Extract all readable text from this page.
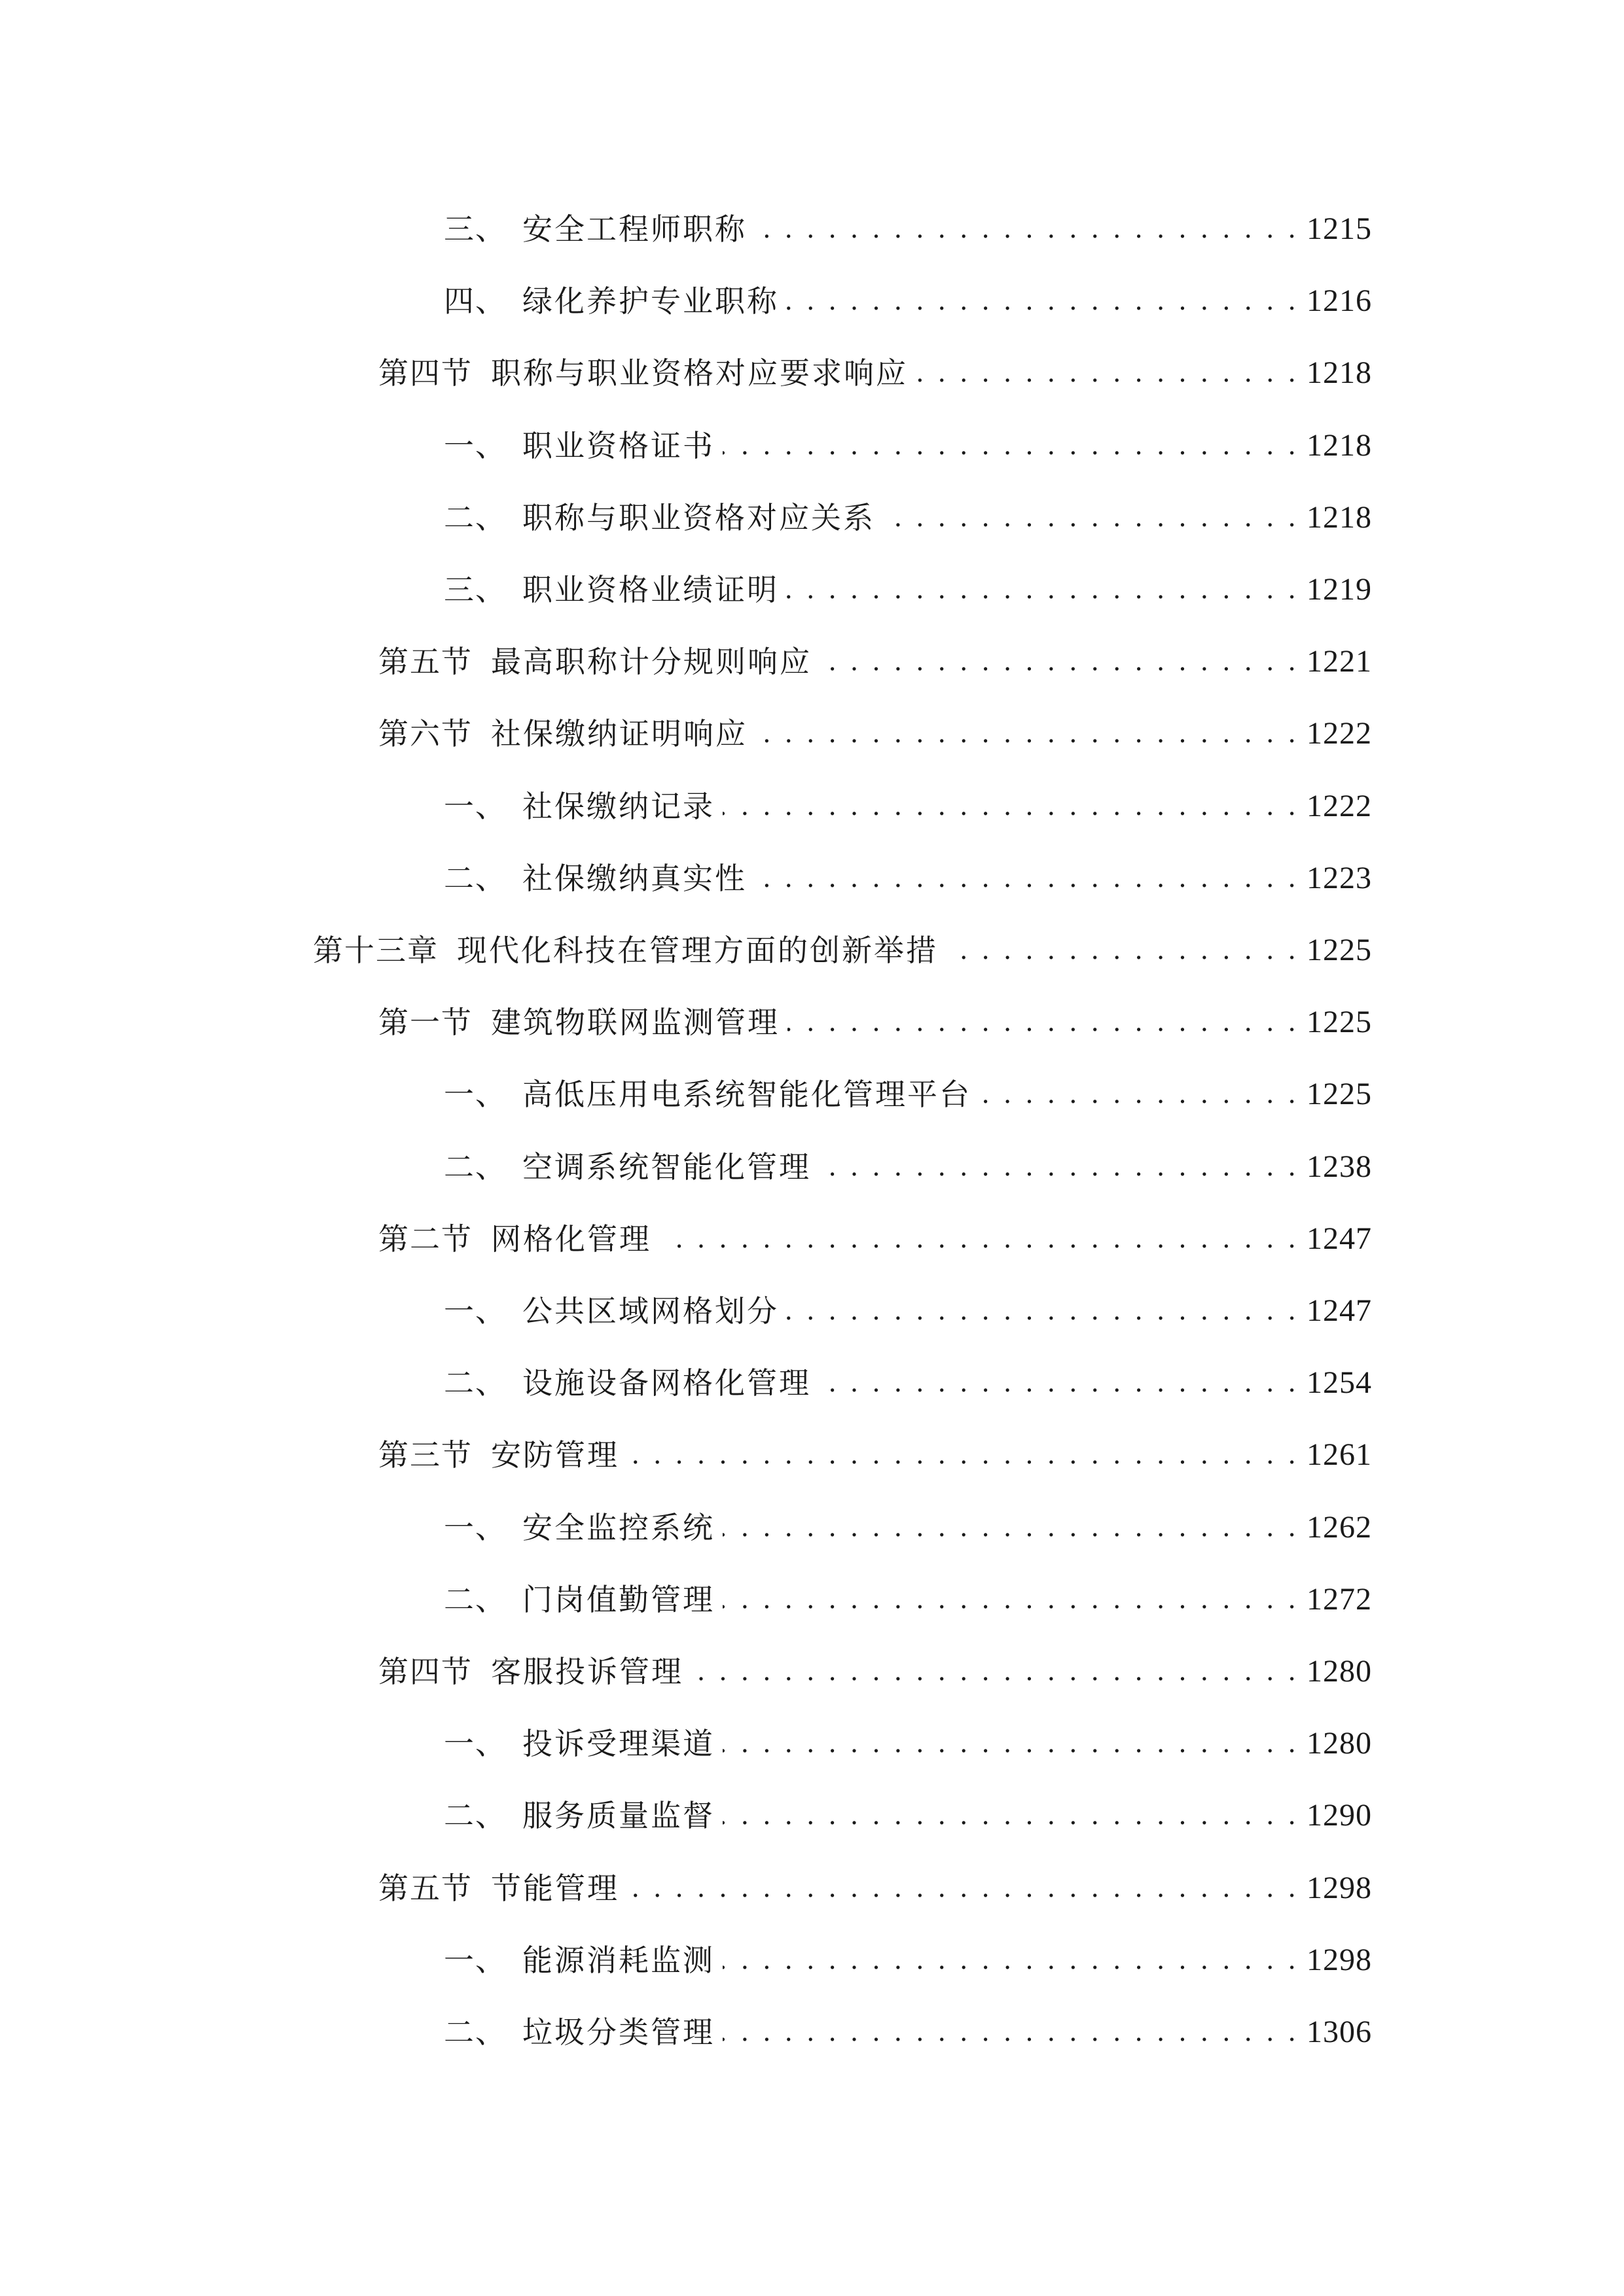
三、 安全工程师职称 . . .	1215
四、 绿化养护专业职称 . . .	1216
第四节 职称与职业资格对应要求响应 . . .	1218
一、 职业资格证书 . . .	1218
二、 职称与职业资格对应关系 . . .	1218
三、 职业资格业绩证明 . . .	1219
第五节 最高职称计分规则响应 . . .	1221
第六节 社保缴纳证明响应 . . .	1222
一、 社保缴纳记录 . . .	1222
二、 社保缴纳真实性 . . .	1223
第十三章 现代化科技在管理方面的创新举措 . . .	1225
第一节 建筑物联网监测管理 . . .	1225
一、 高低压用电系统智能化管理平台 . . .	1225
二、 空调系统智能化管理 . . .	1238
第二节 网格化管理 . . .	1247
一、 公共区域网格划分 . . .	1247
二、 设施设备网格化管理 . . .	1254
第三节 安防管理 . . .	1261
一、 安全监控系统 . . .	1262
二、 门岗值勤管理 . . .	1272
第四节 客服投诉管理 . . .	1280
一、 投诉受理渠道 . . .	1280
二、 服务质量监督 . . .	1290
第五节 节能管理 . . .	1298
一、 能源消耗监测 . . .	1298
二、 垃圾分类管理 . . .	1306
